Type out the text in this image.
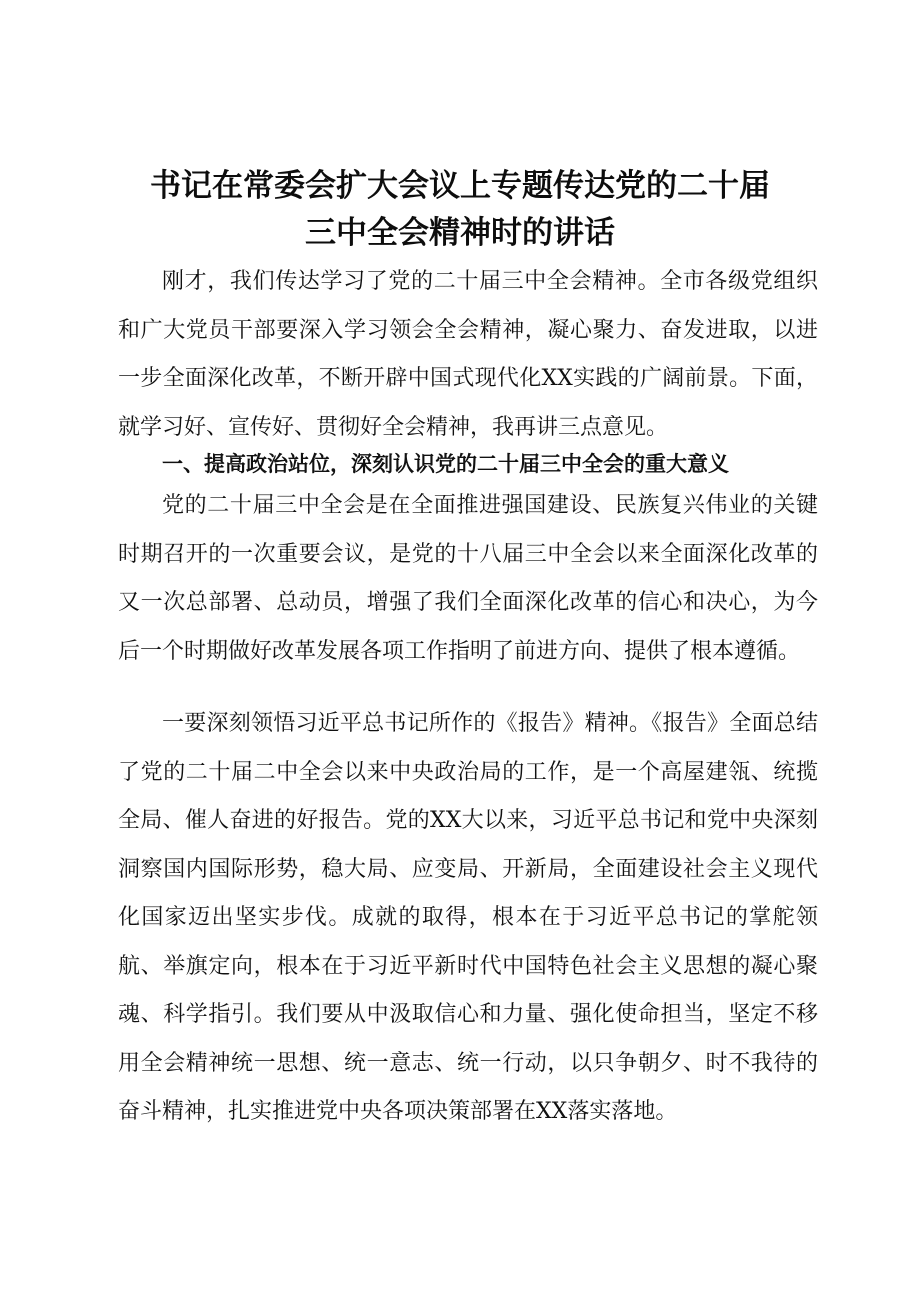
书记在常委会扩大会议上专题传达党的二十届
三中全会精神时的讲话

刚才，我们传达学习了党的二十届三中全会精神。全市各级党组织和广大党员干部要深入学习领会全会精神，凝心聚力、奋发进取，以进一步全面深化改革，不断开辟中国式现代化XX实践的广阔前景。下面，就学习好、宣传好、贯彻好全会精神，我再讲三点意见。

一、提高政治站位，深刻认识党的二十届三中全会的重大意义

党的二十届三中全会是在全面推进强国建设、民族复兴伟业的关键时期召开的一次重要会议，是党的十八届三中全会以来全面深化改革的又一次总部署、总动员，增强了我们全面深化改革的信心和决心，为今后一个时期做好改革发展各项工作指明了前进方向、提供了根本遵循。

一要深刻领悟习近平总书记所作的《报告》精神。《报告》全面总结了党的二十届二中全会以来中央政治局的工作，是一个高屋建瓴、统揽全局、催人奋进的好报告。党的XX大以来，习近平总书记和党中央深刻洞察国内国际形势，稳大局、应变局、开新局，全面建设社会主义现代化国家迈出坚实步伐。成就的取得，根本在于习近平总书记的掌舵领航、举旗定向，根本在于习近平新时代中国特色社会主义思想的凝心聚魂、科学指引。我们要从中汲取信心和力量、强化使命担当，坚定不移用全会精神统一思想、统一意志、统一行动，以只争朝夕、时不我待的奋斗精神，扎实推进党中央各项决策部署在XX落实落地。
